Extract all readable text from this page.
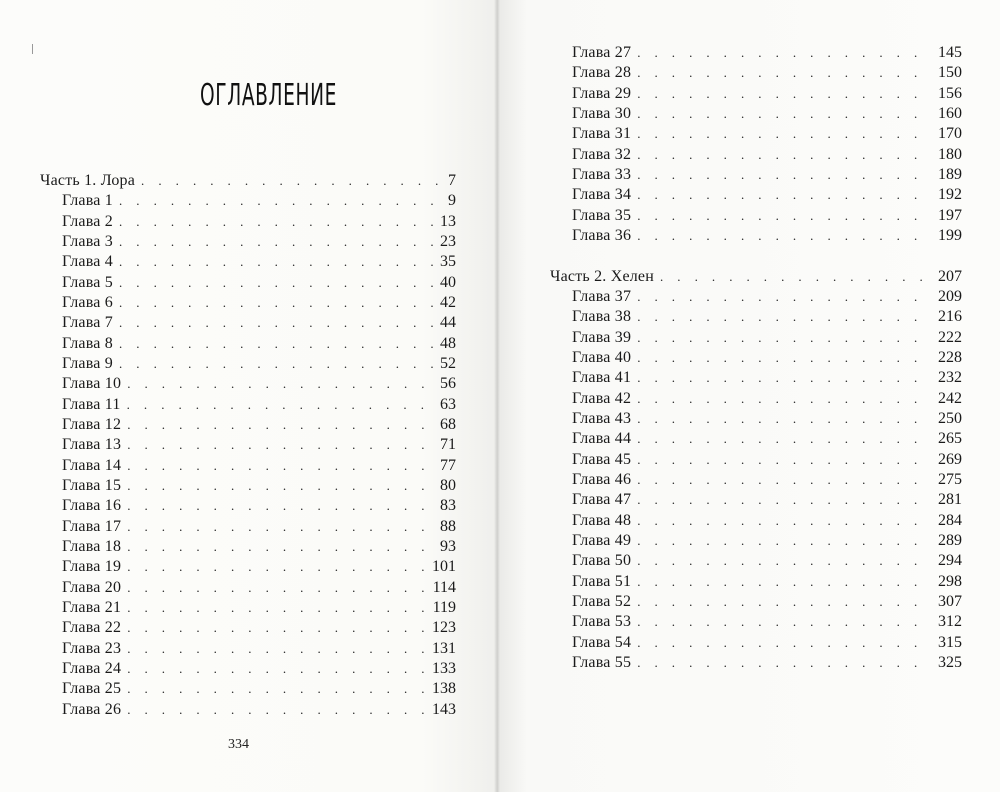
ОГЛАВЛЕНИЕ
Часть 1. Лора . . .	7
Глава 1 . . .	9
Глава 2 . . .	13
Глава 3 . . .	23
Глава 4 . . .	35
Глава 5 . . .	40
Глава 6 . . .	42
Глава 7 . . .	44
Глава 8 . . .	48
Глава 9 . . .	52
Глава 10 . . .	56
Глава 11 . . .	63
Глава 12 . . .	68
Глава 13 . . .	71
Глава 14 . . .	77
Глава 15 . . .	80
Глава 16 . . .	83
Глава 17 . . .	88
Глава 18 . . .	93
Глава 19 . . .	101
Глава 20 . . .	114
Глава 21 . . .	119
Глава 22 . . .	123
Глава 23 . . .	131
Глава 24 . . .	133
Глава 25 . . .	138
Глава 26 . . .	143
334
Глава 27 . . .	145
Глава 28 . . .	150
Глава 29 . . .	156
Глава 30 . . .	160
Глава 31 . . .	170
Глава 32 . . .	180
Глава 33 . . .	189
Глава 34 . . .	192
Глава 35 . . .	197
Глава 36 . . .	199
Часть 2. Хелен . . .	207
Глава 37 . . .	209
Глава 38 . . .	216
Глава 39 . . .	222
Глава 40 . . .	228
Глава 41 . . .	232
Глава 42 . . .	242
Глава 43 . . .	250
Глава 44 . . .	265
Глава 45 . . .	269
Глава 46 . . .	275
Глава 47 . . .	281
Глава 48 . . .	284
Глава 49 . . .	289
Глава 50 . . .	294
Глава 51 . . .	298
Глава 52 . . .	307
Глава 53 . . .	312
Глава 54 . . .	315
Глава 55 . . .	325
